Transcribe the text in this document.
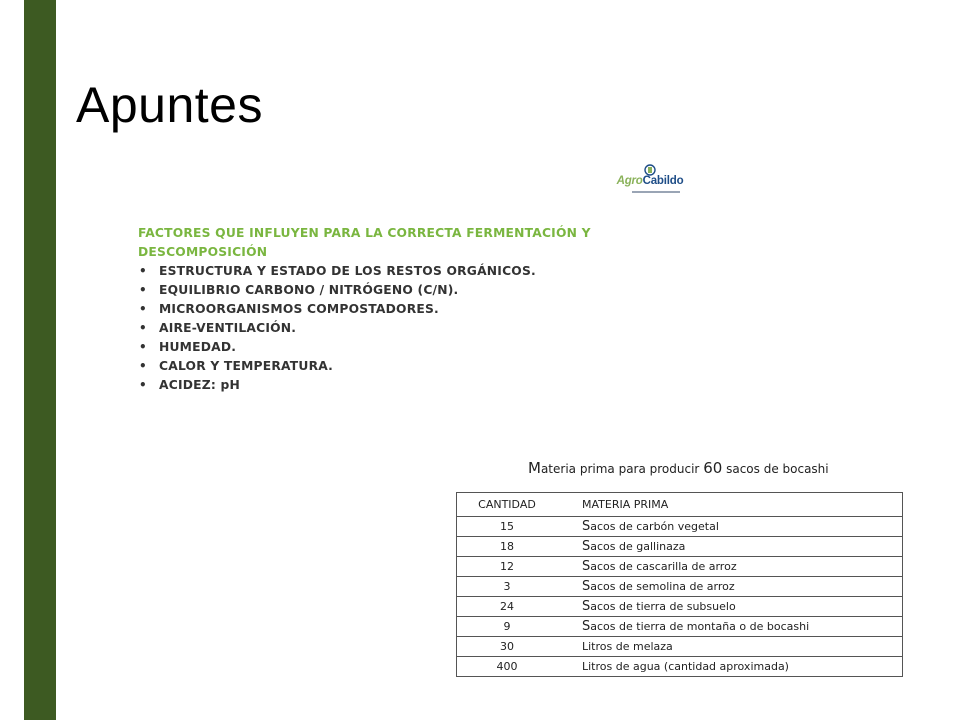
Apuntes
AgroCabildo
FACTORES QUE INFLUYEN PARA LA CORRECTA FERMENTACIÓN Y DESCOMPOSICIÓN
• ESTRUCTURA Y ESTADO DE LOS RESTOS ORGÁNICOS.
• EQUILIBRIO CARBONO / NITRÓGENO (C/N).
• MICROORGANISMOS COMPOSTADORES.
• AIRE-VENTILACIÓN.
• HUMEDAD.
• CALOR Y TEMPERATURA.
• ACIDEZ: pH
Materia prima para producir 60 sacos de bocashi
CANTIDAD	MATERIA PRIMA
15	Sacos de carbón vegetal
18	Sacos de gallinaza
12	Sacos de cascarilla de arroz
3	Sacos de semolina de arroz
24	Sacos de tierra de subsuelo
9	Sacos de tierra de montaña o de bocashi
30	Litros de melaza
400	Litros de agua (cantidad aproximada)
